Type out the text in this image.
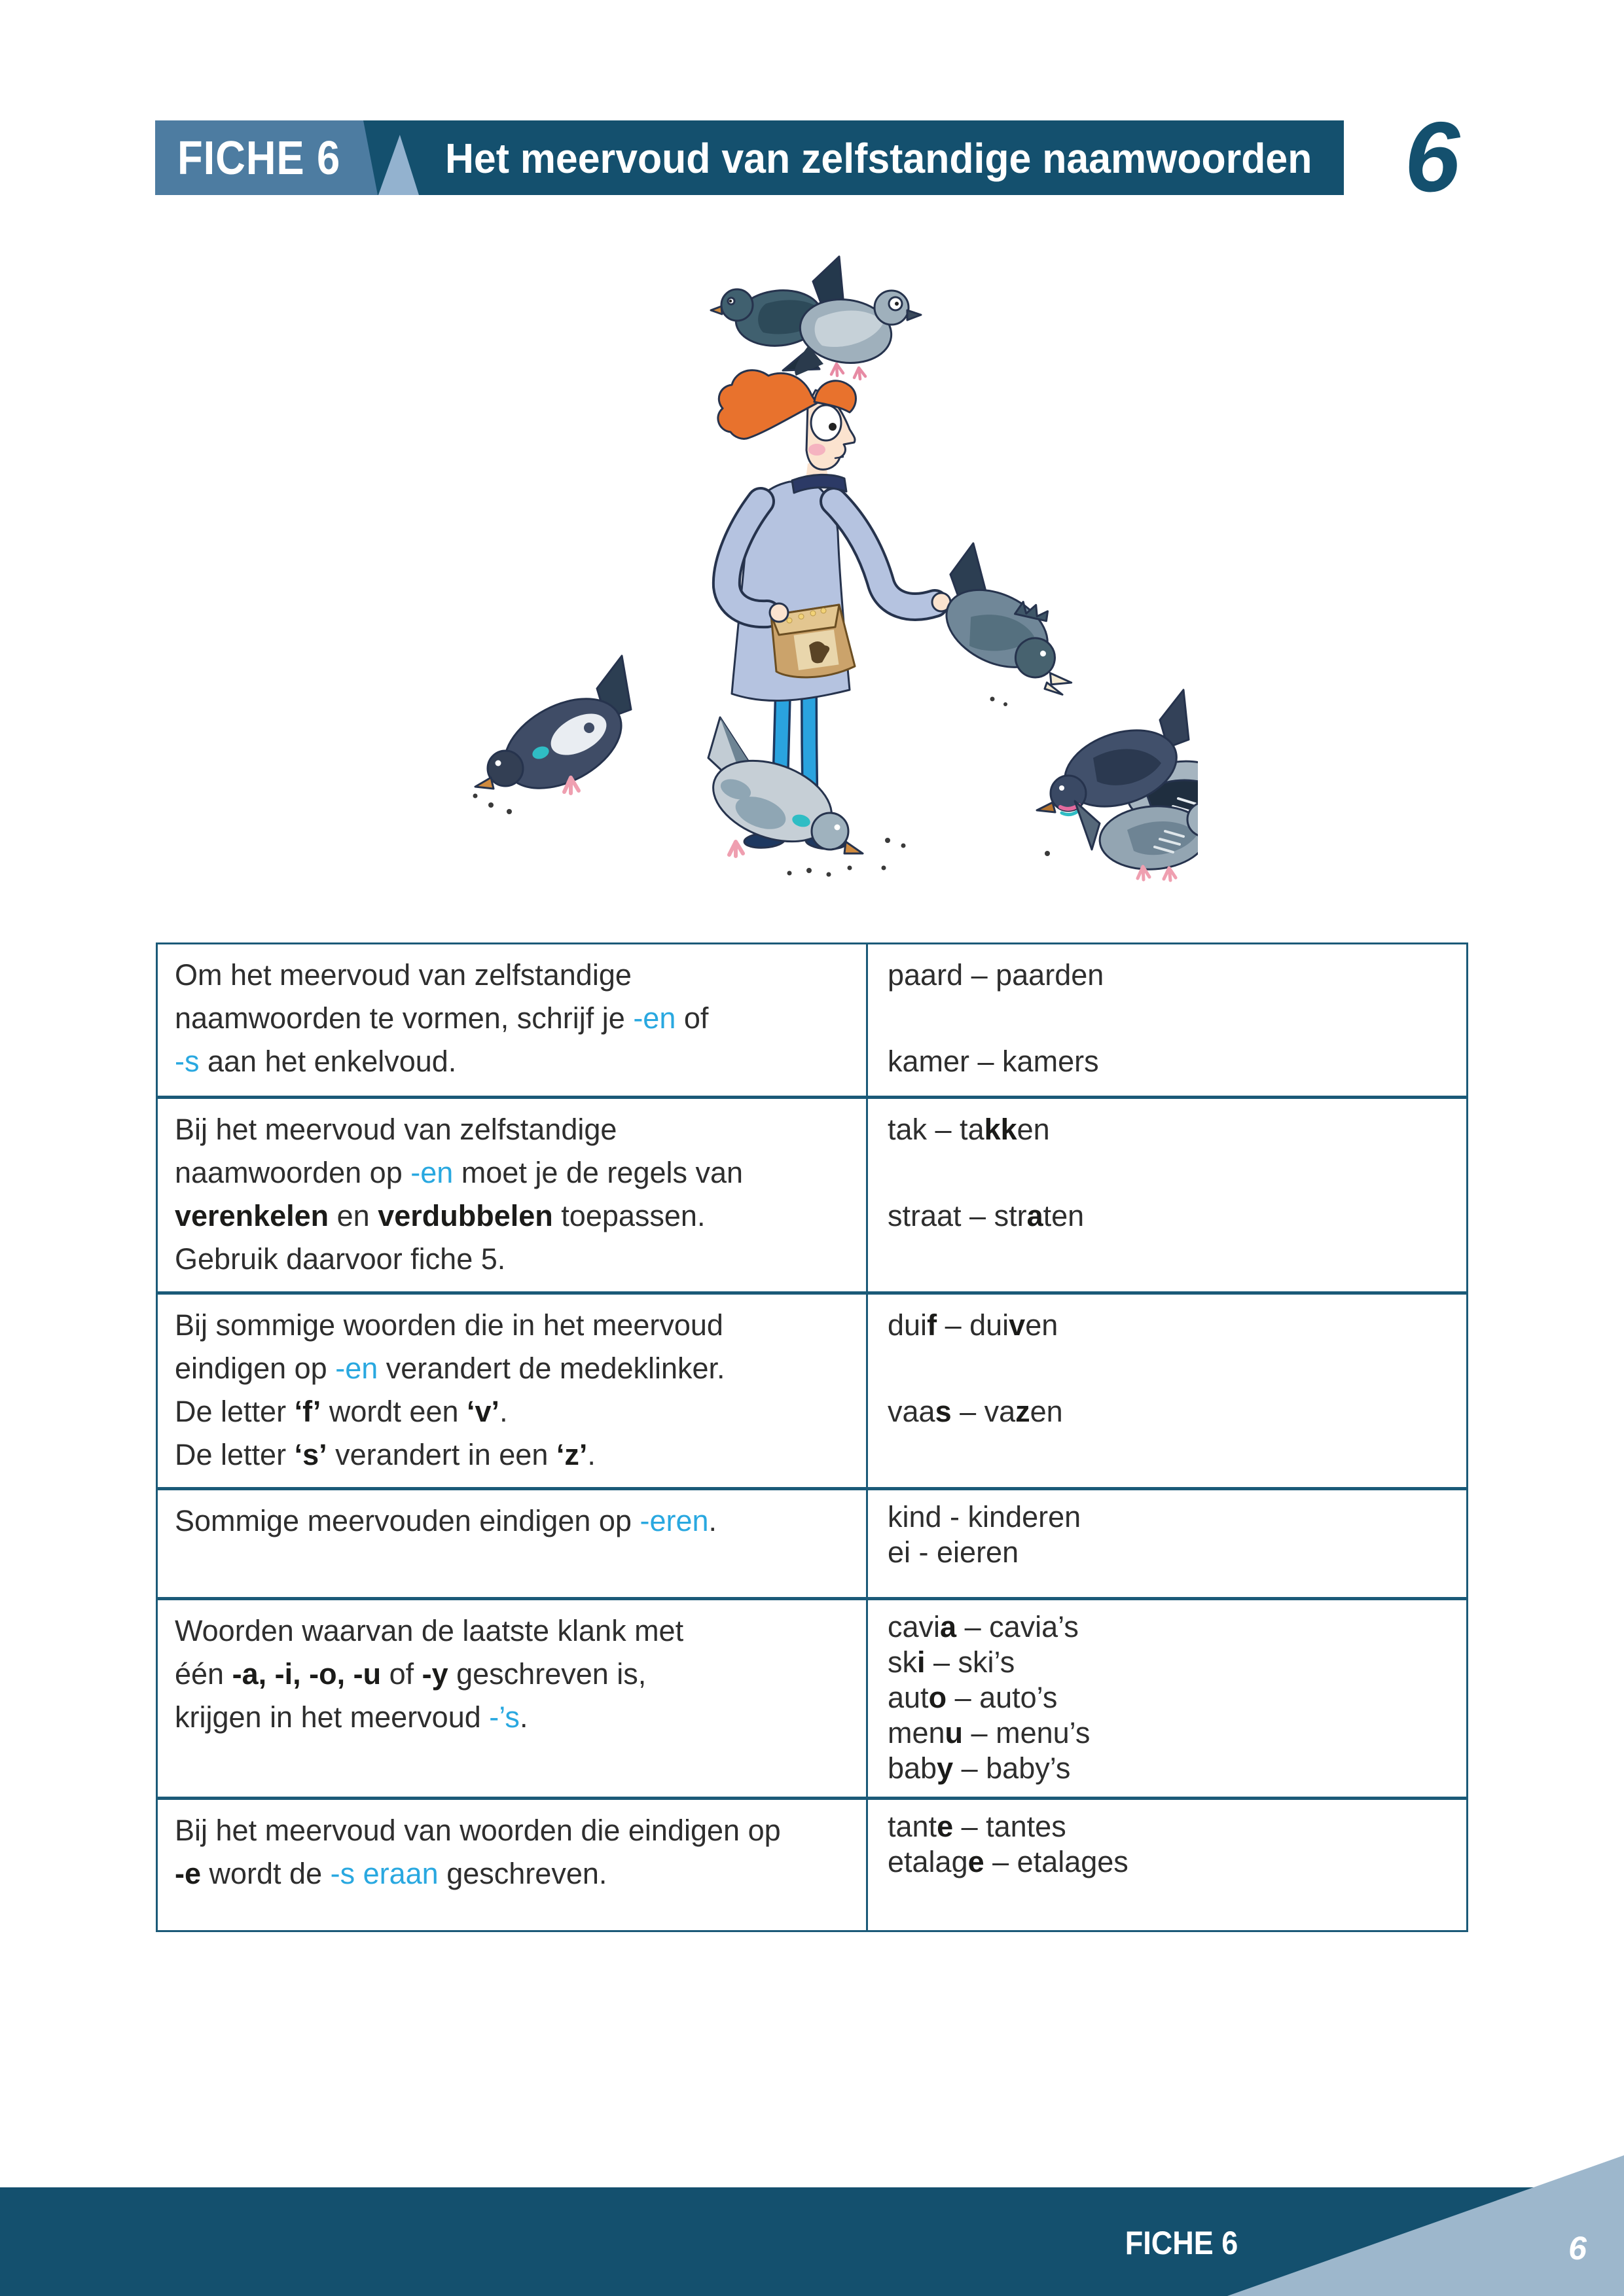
FICHE 6 Het meervoud van zelfstandige naamwoorden 6
Om het meervoud van zelfstandige
naamwoorden te vormen, schrijf je -en of
-s aan het enkelvoud.
paard – paarden
kamer – kamers
Bij het meervoud van zelfstandige
naamwoorden op -en moet je de regels van
verenkelen en verdubbelen toepassen.
Gebruik daarvoor fiche 5.
tak – takken
straat – straten
Bij sommige woorden die in het meervoud
eindigen op -en verandert de medeklinker.
De letter ‘f’ wordt een ‘v’.
De letter ‘s’ verandert in een ‘z’.
duif – duiven
vaas – vazen
Sommige meervouden eindigen op -eren.	kind - kinderen
ei - eieren
Woorden waarvan de laatste klank met
één -a, -i, -o, -u of -y geschreven is,
krijgen in het meervoud -’s.
cavia – cavia’s
ski – ski’s
auto – auto’s
menu – menu’s
baby – baby’s
Bij het meervoud van woorden die eindigen op
-e wordt de -s eraan geschreven.
tante – tantes
etalage – etalages
FICHE 6	6
